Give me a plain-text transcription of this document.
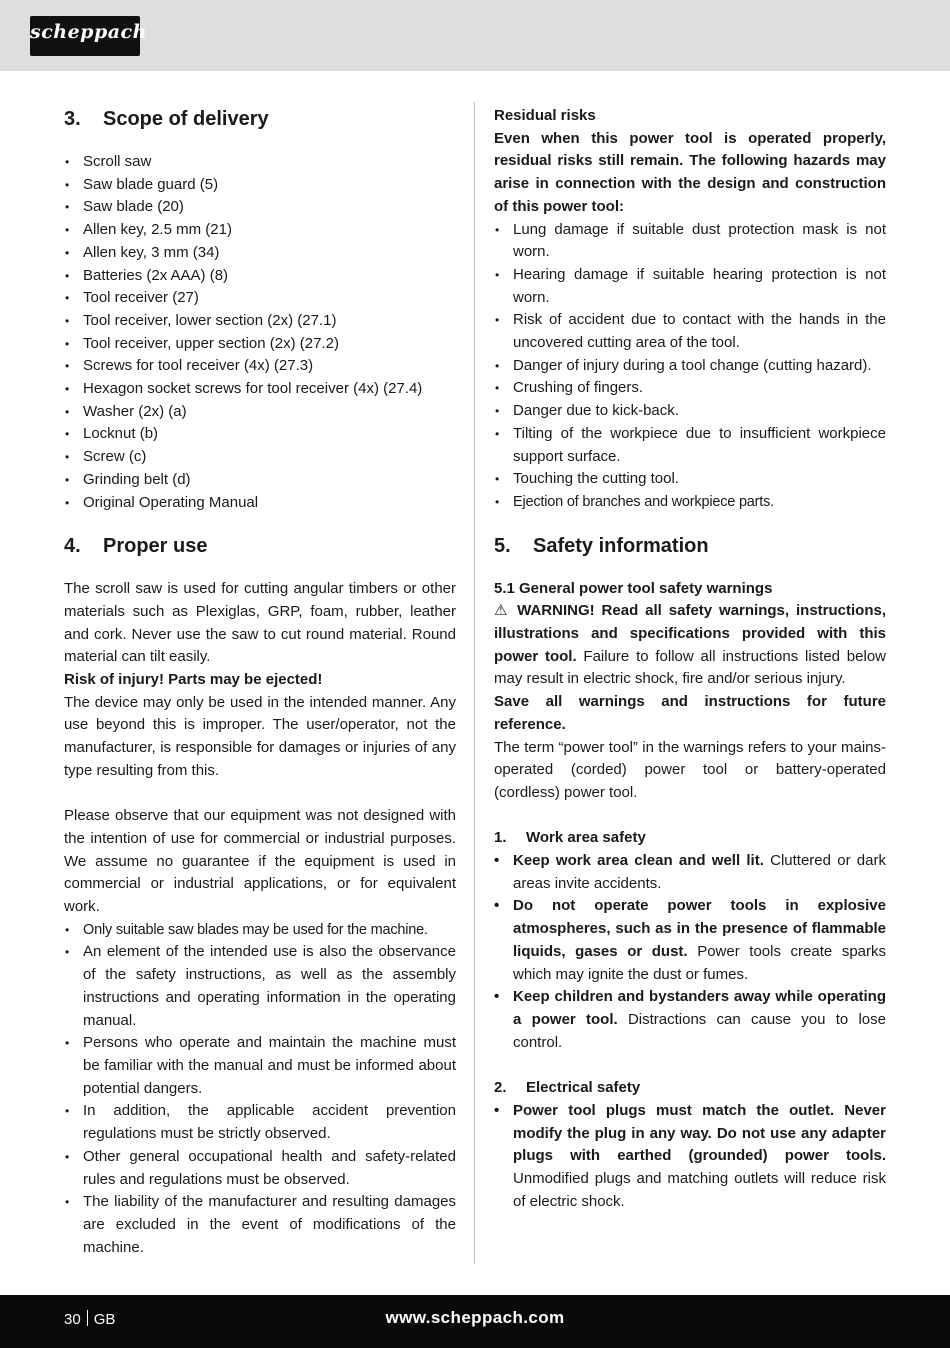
scheppach
3.	Scope of delivery
• Scroll saw
• Saw blade guard (5)
• Saw blade (20)
• Allen key, 2.5 mm (21)
• Allen key, 3 mm (34)
• Batteries (2x AAA) (8)
• Tool receiver (27)
• Tool receiver, lower section (2x) (27.1)
• Tool receiver, upper section (2x) (27.2)
• Screws for tool receiver (4x) (27.3)
• Hexagon socket screws for tool receiver (4x) (27.4)
• Washer (2x) (a)
• Locknut (b)
• Screw (c)
• Grinding belt (d)
• Original Operating Manual
4.	Proper use

The scroll saw is used for cutting angular timbers or other materials such as Plexiglas, GRP, foam, rubber, leather and cork. Never use the saw to cut round material. Round material can tilt easily.

Risk of injury! Parts may be ejected!

The device may only be used in the intended manner. Any use beyond this is improper. The user/operator, not the manufacturer, is responsible for damages or injuries of any type resulting from this.

Please observe that our equipment was not designed with the intention of use for commercial or industrial purposes. We assume no guarantee if the equipment is used in commercial or industrial applications, or for equivalent work.

• Only suitable saw blades may be used for the machine.
• An element of the intended use is also the observance of the safety instructions, as well as the assembly instructions and operating information in the operating manual.
• Persons who operate and maintain the machine must be familiar with the manual and must be informed about potential dangers.
• In addition, the applicable accident prevention regulations must be strictly observed.
• Other general occupational health and safety-related rules and regulations must be observed.
• The liability of the manufacturer and resulting damages are excluded in the event of modifications of the machine.

Residual risks

Even when this power tool is operated properly, residual risks still remain. The following hazards may arise in connection with the design and construction of this power tool:

• Lung damage if suitable dust protection mask is not worn.
• Hearing damage if suitable hearing protection is not worn.
• Risk of accident due to contact with the hands in the uncovered cutting area of the tool.
• Danger of injury during a tool change (cutting hazard).
• Crushing of fingers.
• Danger due to kick-back.
• Tilting of the workpiece due to insufficient workpiece support surface.
• Touching the cutting tool.
• Ejection of branches and workpiece parts.
5.	Safety information

5.1 General power tool safety warnings

⚠ WARNING! Read all safety warnings, instructions, illustrations and specifications provided with this power tool. Failure to follow all instructions listed below may result in electric shock, fire and/or serious injury.

Save all warnings and instructions for future reference.

The term “power tool” in the warnings refers to your mains-operated (corded) power tool or battery-operated (cordless) power tool.

1.	Work area safety
• Keep work area clean and well lit. Cluttered or dark areas invite accidents.
• Do not operate power tools in explosive atmospheres, such as in the presence of flammable liquids, gases or dust. Power tools create sparks which may ignite the dust or fumes.
• Keep children and bystanders away while operating a power tool. Distractions can cause you to lose control.
2.	Electrical safety
• Power tool plugs must match the outlet. Never modify the plug in any way. Do not use any adapter plugs with earthed (grounded) power tools. Unmodified plugs and matching outlets will reduce risk of electric shock.
30 GB	www.scheppach.com
